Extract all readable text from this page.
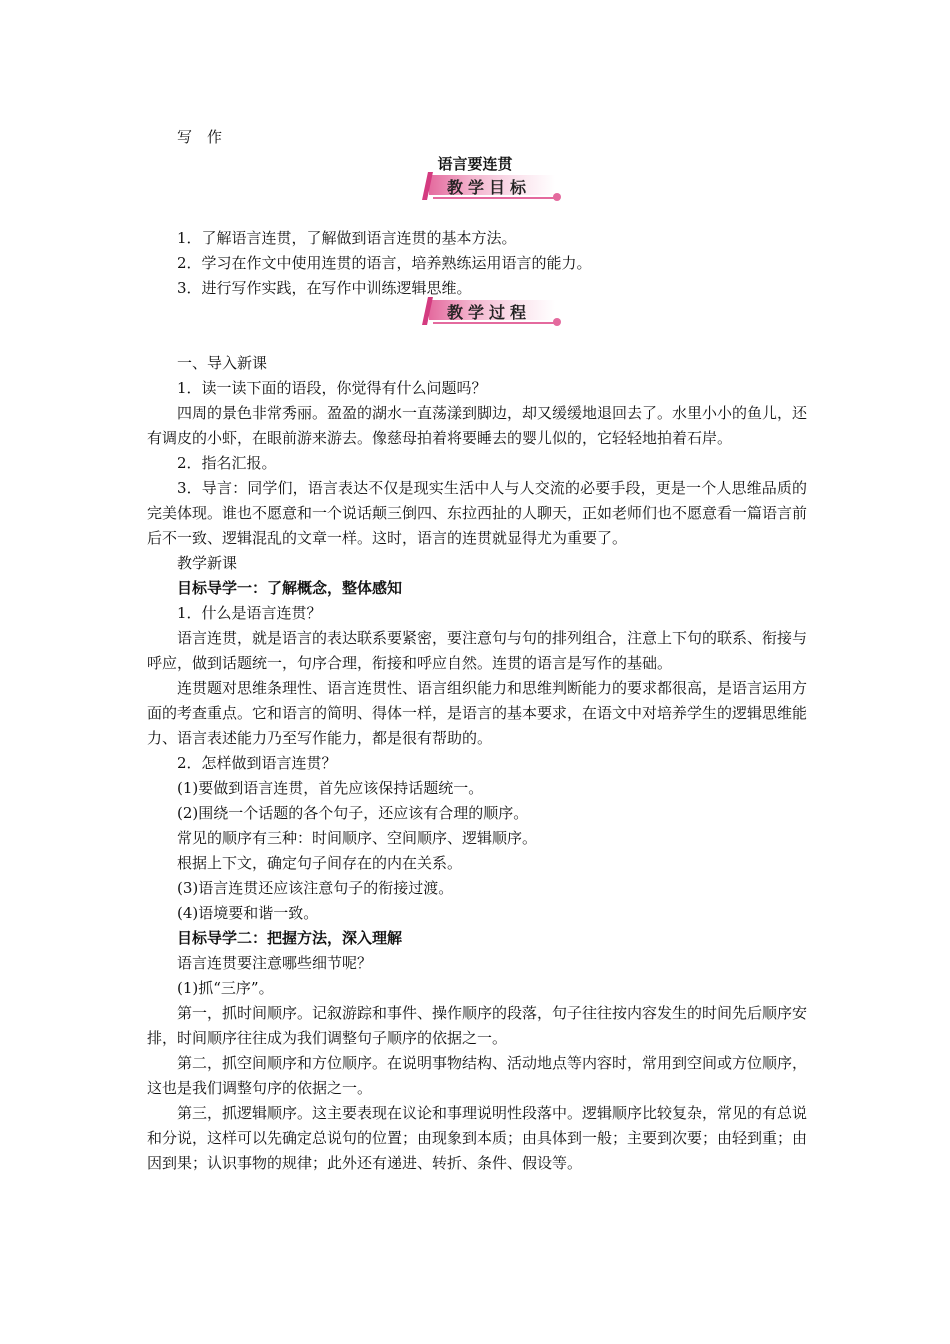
写　作
语言要连贯
教学目标

1．了解语言连贯，了解做到语言连贯的基本方法。

2．学习在作文中使用连贯的语言，培养熟练运用语言的能力。

3．进行写作实践，在写作中训练逻辑思维。

教学过程

一、导入新课

1．读一读下面的语段，你觉得有什么问题吗？

四周的景色非常秀丽。盈盈的湖水一直荡漾到脚边，却又缓缓地退回去了。水里小小的鱼儿，还有调皮的小虾，在眼前游来游去。像慈母拍着将要睡去的婴儿似的，它轻轻地拍着石岸。

2．指名汇报。

3．导言：同学们，语言表达不仅是现实生活中人与人交流的必要手段，更是一个人思维品质的完美体现。谁也不愿意和一个说话颠三倒四、东拉西扯的人聊天，正如老师们也不愿意看一篇语言前后不一致、逻辑混乱的文章一样。这时，语言的连贯就显得尤为重要了。

教学新课

目标导学一：了解概念，整体感知

1．什么是语言连贯？

语言连贯，就是语言的表达联系要紧密，要注意句与句的排列组合，注意上下句的联系、衔接与呼应，做到话题统一，句序合理，衔接和呼应自然。连贯的语言是写作的基础。

连贯题对思维条理性、语言连贯性、语言组织能力和思维判断能力的要求都很高，是语言运用方面的考查重点。它和语言的简明、得体一样，是语言的基本要求，在语文中对培养学生的逻辑思维能力、语言表述能力乃至写作能力，都是很有帮助的。

2．怎样做到语言连贯？

(1)要做到语言连贯，首先应该保持话题统一。

(2)围绕一个话题的各个句子，还应该有合理的顺序。

常见的顺序有三种：时间顺序、空间顺序、逻辑顺序。

根据上下文，确定句子间存在的内在关系。

(3)语言连贯还应该注意句子的衔接过渡。

(4)语境要和谐一致。

目标导学二：把握方法，深入理解

语言连贯要注意哪些细节呢？

(1)抓“三序”。

第一，抓时间顺序。记叙游踪和事件、操作顺序的段落，句子往往按内容发生的时间先后顺序安排，时间顺序往往成为我们调整句子顺序的依据之一。

第二，抓空间顺序和方位顺序。在说明事物结构、活动地点等内容时，常用到空间或方位顺序，这也是我们调整句序的依据之一。

第三，抓逻辑顺序。这主要表现在议论和事理说明性段落中。逻辑顺序比较复杂，常见的有总说和分说，这样可以先确定总说句的位置；由现象到本质；由具体到一般；主要到次要；由轻到重；由因到果；认识事物的规律；此外还有递进、转折、条件、假设等。
